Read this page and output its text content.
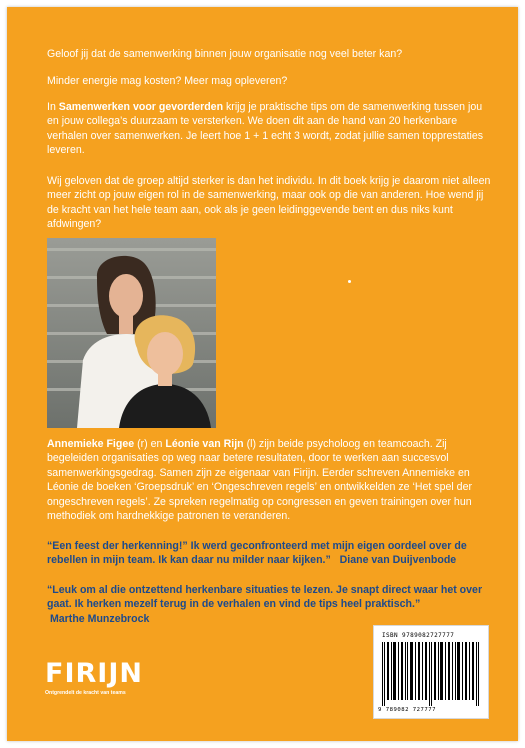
Geloof jij dat de samenwerking binnen jouw organisatie nog veel beter kan?
Minder energie mag kosten? Meer mag opleveren?
In Samenwerken voor gevorderden krijg je praktische tips om de samenwerking tussen jou en jouw collega’s duurzaam te versterken. We doen dit aan de hand van 20 herkenbare verhalen over samenwerken. Je leert hoe 1 + 1 echt 3 wordt, zodat jullie samen topprestaties leveren.
Wij geloven dat de groep altijd sterker is dan het individu. In dit boek krijg je daarom niet alleen meer zicht op jouw eigen rol in de samenwerking, maar ook op die van anderen. Hoe wend jij de kracht van het hele team aan, ook als je geen leidinggevende bent en dus niks kunt afdwingen?
Annemieke Figee (r) en Léonie van Rijn (l) zijn beide psycholoog en teamcoach. Zij begeleiden organisaties op weg naar betere resultaten, door te werken aan succesvol samenwerkingsgedrag. Samen zijn ze eigenaar van Firijn. Eerder schreven Annemieke en Léonie de boeken ‘Groepsdruk’ en ‘Ongeschreven regels’ en ontwikkelden ze ‘Het spel der ongeschreven regels’. Ze spreken regelmatig op congressen en geven trainingen over hun methodiek om hardnekkige patronen te veranderen.
“Een feest der herkenning!” Ik werd geconfronteerd met mijn eigen oordeel over de rebellen in mijn team. Ik kan daar nu milder naar kijken.” Diane van Duijvenbode
“Leuk om al die ontzettend herkenbare situaties te lezen. Je snapt direct waar het over gaat. Ik herken mezelf terug in de verhalen en vind de tips heel praktisch.”
Marthe Munzebrock
FIRIJN
Ontgrendelt de kracht van teams
ISBN 9789082727777
9 789082 727777
